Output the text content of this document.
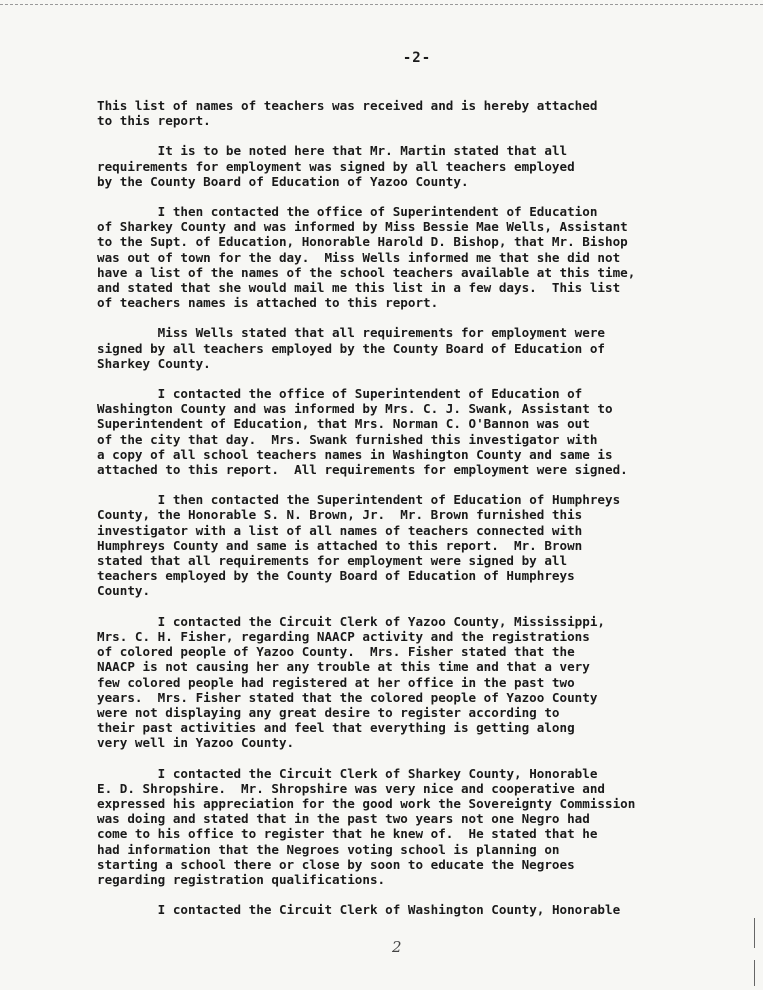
-2-

This list of names of teachers was received and is hereby attached
to this report.

It is to be noted here that Mr. Martin stated that all
requirements for employment was signed by all teachers employed
by the County Board of Education of Yazoo County.

I then contacted the office of Superintendent of Education
of Sharkey County and was informed by Miss Bessie Mae Wells, Assistant
to the Supt. of Education, Honorable Harold D. Bishop, that Mr. Bishop
was out of town for the day.  Miss Wells informed me that she did not
have a list of the names of the school teachers available at this time,
and stated that she would mail me this list in a few days.  This list
of teachers names is attached to this report.

Miss Wells stated that all requirements for employment were
signed by all teachers employed by the County Board of Education of
Sharkey County.

I contacted the office of Superintendent of Education of
Washington County and was informed by Mrs. C. J. Swank, Assistant to
Superintendent of Education, that Mrs. Norman C. O'Bannon was out
of the city that day.  Mrs. Swank furnished this investigator with
a copy of all school teachers names in Washington County and same is
attached to this report.  All requirements for employment were signed.

I then contacted the Superintendent of Education of Humphreys
County, the Honorable S. N. Brown, Jr.  Mr. Brown furnished this
investigator with a list of all names of teachers connected with
Humphreys County and same is attached to this report.  Mr. Brown
stated that all requirements for employment were signed by all
teachers employed by the County Board of Education of Humphreys
County.

I contacted the Circuit Clerk of Yazoo County, Mississippi,
Mrs. C. H. Fisher, regarding NAACP activity and the registrations
of colored people of Yazoo County.  Mrs. Fisher stated that the
NAACP is not causing her any trouble at this time and that a very
few colored people had registered at her office in the past two
years.  Mrs. Fisher stated that the colored people of Yazoo County
were not displaying any great desire to register according to
their past activities and feel that everything is getting along
very well in Yazoo County.

I contacted the Circuit Clerk of Sharkey County, Honorable
E. D. Shropshire.  Mr. Shropshire was very nice and cooperative and
expressed his appreciation for the good work the Sovereignty Commission
was doing and stated that in the past two years not one Negro had
come to his office to register that he knew of.  He stated that he
had information that the Negroes voting school is planning on
starting a school there or close by soon to educate the Negroes
regarding registration qualifications.

I contacted the Circuit Clerk of Washington County, Honorable

2
